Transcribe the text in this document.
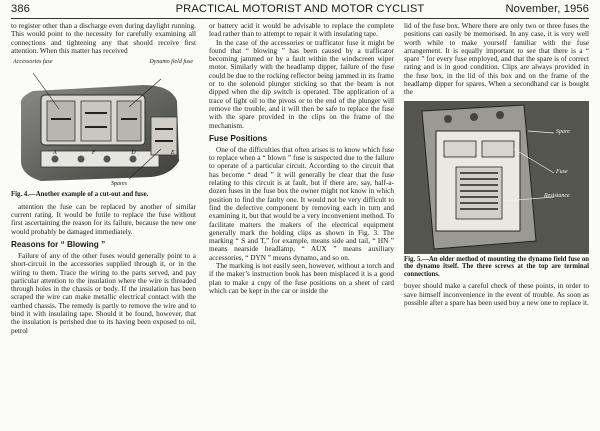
386	PRACTICAL MOTORIST AND MOTOR CYCLIST	November, 1956

to register other than a discharge even during daylight running. This would point to the necessity for carefully examining all connections and tightening any that should receive first attention. When this matter has received

Accessories fuse	Dynamo field fuse
A F D E
Spares
Fig. 4.—Another example of a cut-out and fuse.

attention the fuse can be replaced by another of similar current rating. It would be futile to replace the fuse without first ascertaining the reason for its failure, because the new one would probably be damaged immediately.

Reasons for “ Blowing ”

Failure of any of the other fuses would generally point to a short-circuit in the accessories supplied through it, or in the wiring to them. Trace the wiring to the parts served, and pay particular attention to the insulation where the wire is threaded through holes in the chassis or body. If the insulation has been scraped the wire can make metallic electrical contact with the earthed chassis. The remedy is partly to remove the wire and to bind it with insulating tape. Should it be found, however, that the insulation is perished due to its having been exposed to oil, petrol

or battery acid it would be advisable to replace the complete lead rather than to attempt to repair it with insulating tape.

In the case of the accessories or trafficator fuse it might be found that “ blowing ” has been caused by a trafficator becoming jammed or by a fault within the windscreen wiper motor. Similarly with the headlamp dipper, failure of the fuse could be due to the rocking reflector being jammed in its frame or to the solenoid plunger sticking so that the beam is not dipped when the dip switch is operated. The application of a trace of light oil to the pivots or to the end of the plunger will remove the trouble, and it will then be safe to replace the fuse with the spare provided in the clips on the frame of the mechanism.

Fuse Positions

One of the difficulties that often arises is to know which fuse to replace when a “ blown ” fuse is suspected due to the failure to operate of a particular circuit. According to the circuit that has become “ dead ” it will generally be clear that the fuse relating to this circuit is at fault, but if there are, say, half-a-dozen fuses in the fuse box the owner might not know in which position to find the faulty one. It would not be very difficult to find the defective component by removing each in turn and examining it, but that would be a very inconvenient method. To facilitate matters the makers of the electrical equipment generally mark the holding clips as shown in Fig. 3. The marking “ S and T,” for example, means side and tail, “ HN ” means nearside headlamp, “ AUX ” means auxiliary accessories, “ DYN ” means dynamo, and so on.

The marking is not easily seen, however, without a torch and if the maker’s instruction book has been misplaced it is a good plan to make a copy of the fuse positions on a sheet of card which can be kept in the car or inside the

lid of the fuse box. Where there are only two or three fuses the positions can easily be memorised. In any case, it is very well worth while to make yourself familiar with the fuse arrangement. It is equally important to see that there is a “ spare ” for every fuse employed, and that the spare is of correct rating and is in good condition. Clips are always provided in the fuse box, in the lid of this box and on the frame of the headlamp dipper for spares. When a secondhand car is bought the

Spare
Fuse
Resistance
Fig. 5.—An older method of mounting the dynamo field fuse on the dynamo itself. The three screws at the top are terminal connections.

buyer should make a careful check of these points, in order to save himself inconvenience in the event of trouble. As soon as possible after a spare has been used buy a new one to replace it.
